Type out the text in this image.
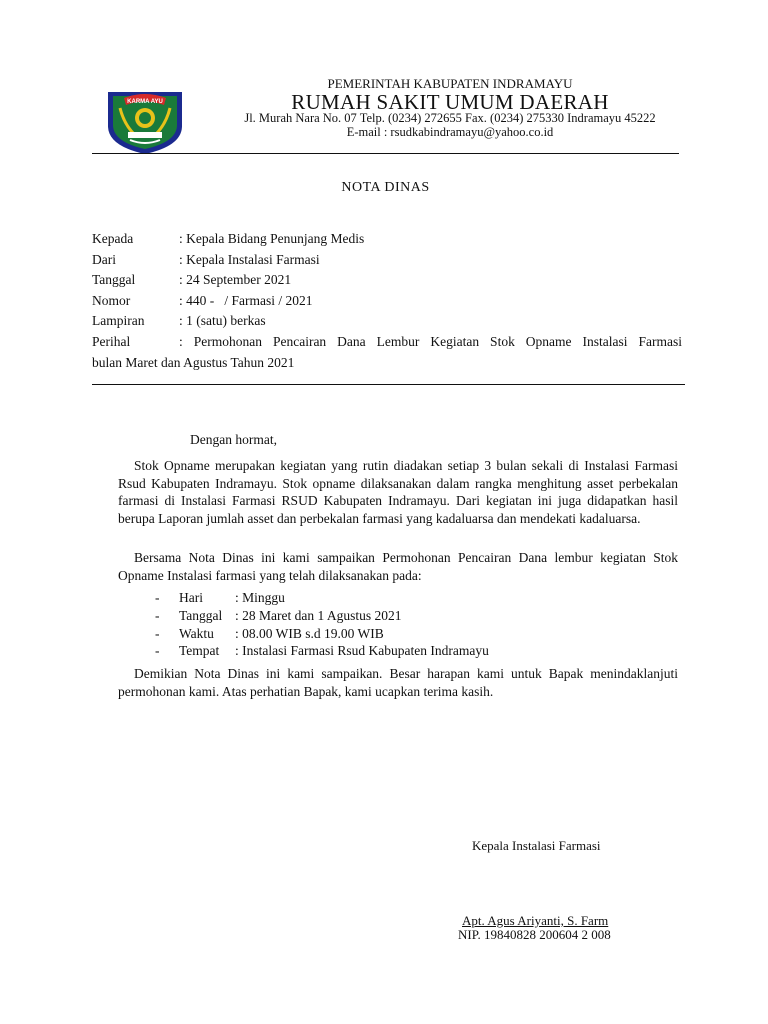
KARMA AYU
PEMERINTAH KABUPATEN INDRAMAYU
RUMAH SAKIT UMUM DAERAH
Jl. Murah Nara No. 07 Telp. (0234) 272655 Fax. (0234) 275330 Indramayu 45222
E-mail : rsudkabindramayu@yahoo.co.id
NOTA DINAS
Kepada	: Kepala Bidang Penunjang Medis
Dari	: Kepala Instalasi Farmasi
Tanggal	: 24 September 2021
Nomor	: 440 -   / Farmasi / 2021
Lampiran	: 1 (satu) berkas
Perihal	: Permohonan Pencairan Dana Lembur Kegiatan Stok Opname Instalasi Farmasi
bulan Maret dan Agustus Tahun 2021
Dengan hormat,
Stok Opname merupakan kegiatan yang rutin diadakan setiap 3 bulan sekali di Instalasi Farmasi Rsud Kabupaten Indramayu. Stok opname dilaksanakan dalam rangka menghitung asset perbekalan farmasi di Instalasi Farmasi RSUD Kabupaten Indramayu. Dari kegiatan ini juga didapatkan hasil berupa Laporan jumlah asset dan perbekalan farmasi yang kadaluarsa dan mendekati kadaluarsa.
Bersama Nota Dinas ini kami sampaikan Permohonan Pencairan Dana lembur kegiatan Stok Opname Instalasi farmasi yang telah dilaksanakan pada:
-	Hari	: Minggu
-	Tanggal : 28 Maret dan 1 Agustus 2021
-	Waktu	: 08.00 WIB s.d 19.00 WIB
-	Tempat	: Instalasi Farmasi Rsud Kabupaten Indramayu
Demikian Nota Dinas ini kami sampaikan. Besar harapan kami untuk Bapak menindaklanjuti permohonan kami. Atas perhatian Bapak, kami ucapkan terima kasih.
Kepala Instalasi Farmasi
Apt. Agus Ariyanti, S. Farm
NIP. 19840828 200604 2 008
